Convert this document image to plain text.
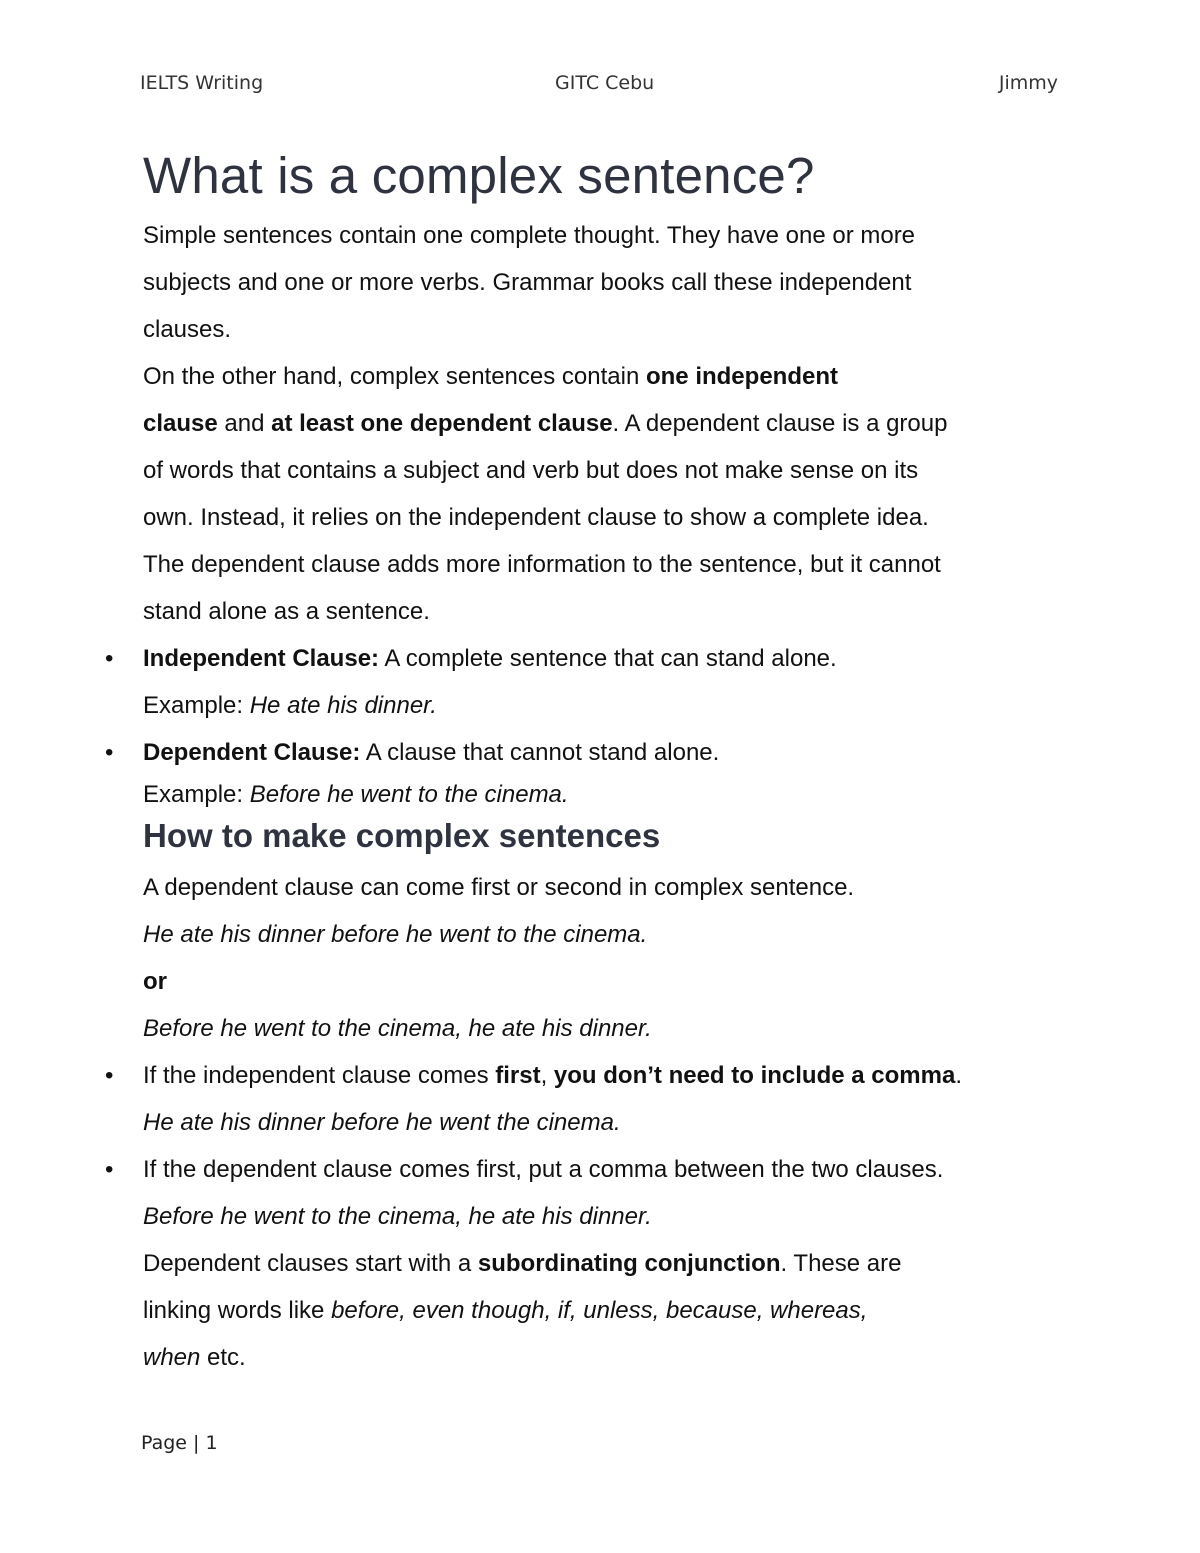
IELTS Writing	GITC Cebu	Jimmy
What is a complex sentence?

Simple sentences contain one complete thought. They have one or more

subjects and one or more verbs. Grammar books call these independent

clauses.

On the other hand, complex sentences contain one independent

clause and at least one dependent clause. A dependent clause is a group

of words that contains a subject and verb but does not make sense on its

own. Instead, it relies on the independent clause to show a complete idea.

The dependent clause adds more information to the sentence, but it cannot

stand alone as a sentence.

• Independent Clause: A complete sentence that can stand alone.

Example: He ate his dinner.

• Dependent Clause: A clause that cannot stand alone.

Example: Before he went to the cinema.

How to make complex sentences

A dependent clause can come first or second in complex sentence.

He ate his dinner before he went to the cinema.

or

Before he went to the cinema, he ate his dinner.

• If the independent clause comes first, you don’t need to include a comma.

He ate his dinner before he went the cinema.

• If the dependent clause comes first, put a comma between the two clauses.

Before he went to the cinema, he ate his dinner.

Dependent clauses start with a subordinating conjunction. These are

linking words like before, even though, if, unless, because, whereas,

when etc.

Page | 1
